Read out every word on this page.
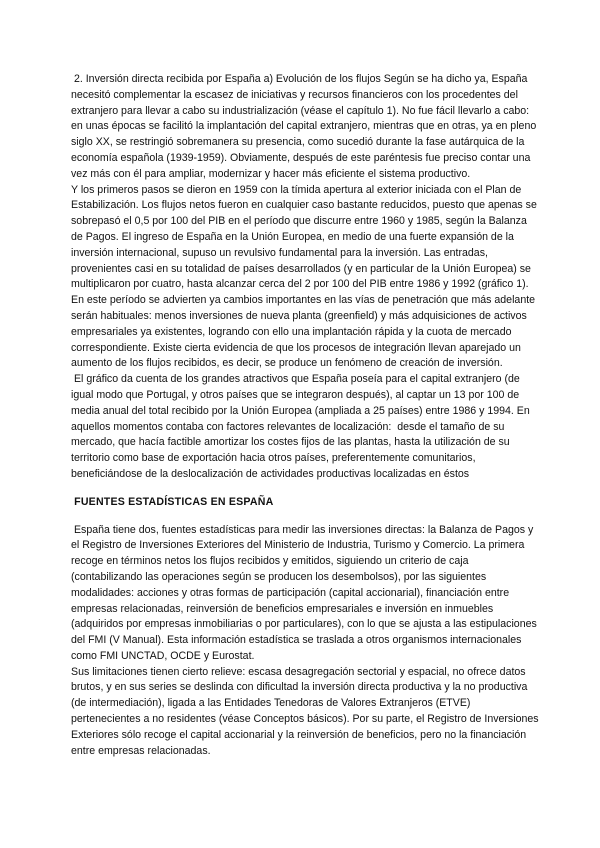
2. Inversión directa recibida por España a) Evolución de los flujos Según se ha dicho ya, España necesitó complementar la escasez de iniciativas y recursos financieros con los procedentes del extranjero para llevar a cabo su industrialización (véase el capítulo 1). No fue fácil llevarlo a cabo: en unas épocas se facilitó la implantación del capital extranjero, mientras que en otras, ya en pleno siglo XX, se restringió sobremanera su presencia, como sucedió durante la fase autárquica de la economía española (1939-1959). Obviamente, después de este paréntesis fue preciso contar una vez más con él para ampliar, modernizar y hacer más eficiente el sistema productivo.

Y los primeros pasos se dieron en 1959 con la tímida apertura al exterior iniciada con el Plan de Estabilización. Los flujos netos fueron en cualquier caso bastante reducidos, puesto que apenas se sobrepasó el 0,5 por 100 del PIB en el período que discurre entre 1960 y 1985, según la Balanza de Pagos. El ingreso de España en la Unión Europea, en medio de una fuerte expansión de la inversión internacional, supuso un revulsivo fundamental para la inversión. Las entradas, provenientes casi en su totalidad de países desarrollados (y en particular de la Unión Europea) se multiplicaron por cuatro, hasta alcanzar cerca del 2 por 100 del PIB entre 1986 y 1992 (gráfico 1).

En este período se advierten ya cambios importantes en las vías de penetración que más adelante serán habituales: menos inversiones de nueva planta (greenfield) y más adquisiciones de activos empresariales ya existentes, logrando con ello una implantación rápida y la cuota de mercado correspondiente. Existe cierta evidencia de que los procesos de integración llevan aparejado un aumento de los flujos recibidos, es decir, se produce un fenómeno de creación de inversión.

El gráfico da cuenta de los grandes atractivos que España poseía para el capital extranjero (de igual modo que Portugal, y otros países que se integraron después), al captar un 13 por 100 de media anual del total recibido por la Unión Europea (ampliada a 25 países) entre 1986 y 1994. En aquellos momentos contaba con factores relevantes de localización:  desde el tamaño de su mercado, que hacía factible amortizar los costes fijos de las plantas, hasta la utilización de su territorio como base de exportación hacia otros países, preferentemente comunitarios, beneficiándose de la deslocalización de actividades productivas localizadas en éstos

FUENTES ESTADÍSTICAS EN ESPAÑA

España tiene dos, fuentes estadísticas para medir las inversiones directas: la Balanza de Pagos y el Registro de Inversiones Exteriores del Ministerio de Industria, Turismo y Comercio. La primera recoge en términos netos los flujos recibidos y emitidos, siguiendo un criterio de caja (contabilizando las operaciones según se producen los desembolsos), por las siguientes modalidades: acciones y otras formas de participación (capital accionarial), financiación entre empresas relacionadas, reinversión de beneficios empresariales e inversión en inmuebles (adquiridos por empresas inmobiliarias o por particulares), con lo que se ajusta a las estipulaciones del FMI (V Manual). Esta información estadística se traslada a otros organismos internacionales como FMI UNCTAD, OCDE y Eurostat.

Sus limitaciones tienen cierto relieve: escasa desagregación sectorial y espacial, no ofrece datos brutos, y en sus series se deslinda con dificultad la inversión directa productiva y la no productiva (de intermediación), ligada a las Entidades Tenedoras de Valores Extranjeros (ETVE) pertenecientes a no residentes (véase Conceptos básicos). Por su parte, el Registro de Inversiones Exteriores sólo recoge el capital accionarial y la reinversión de beneficios, pero no la financiación entre empresas relacionadas.
